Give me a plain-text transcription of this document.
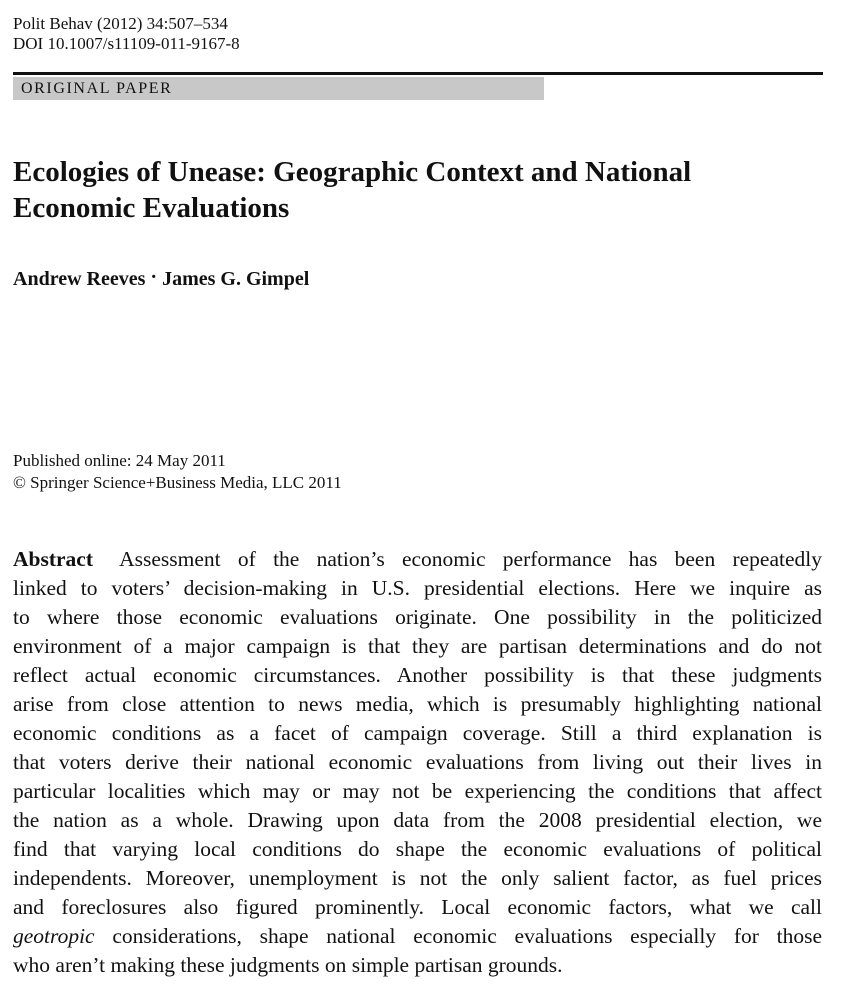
Polit Behav (2012) 34:507–534
DOI 10.1007/s11109-011-9167-8
ORIGINAL PAPER
Ecologies of Unease: Geographic Context and National
Economic Evaluations
Andrew Reeves · James G. Gimpel
Published online: 24 May 2011
© Springer Science+Business Media, LLC 2011
Abstract Assessment of the nation’s economic performance has been repeatedly
linked to voters’ decision-making in U.S. presidential elections. Here we inquire as
to where those economic evaluations originate. One possibility in the politicized
environment of a major campaign is that they are partisan determinations and do not
reflect actual economic circumstances. Another possibility is that these judgments
arise from close attention to news media, which is presumably highlighting national
economic conditions as a facet of campaign coverage. Still a third explanation is
that voters derive their national economic evaluations from living out their lives in
particular localities which may or may not be experiencing the conditions that affect
the nation as a whole. Drawing upon data from the 2008 presidential election, we
find that varying local conditions do shape the economic evaluations of political
independents. Moreover, unemployment is not the only salient factor, as fuel prices
and foreclosures also figured prominently. Local economic factors, what we call
geotropic considerations, shape national economic evaluations especially for those
who aren’t making these judgments on simple partisan grounds.
